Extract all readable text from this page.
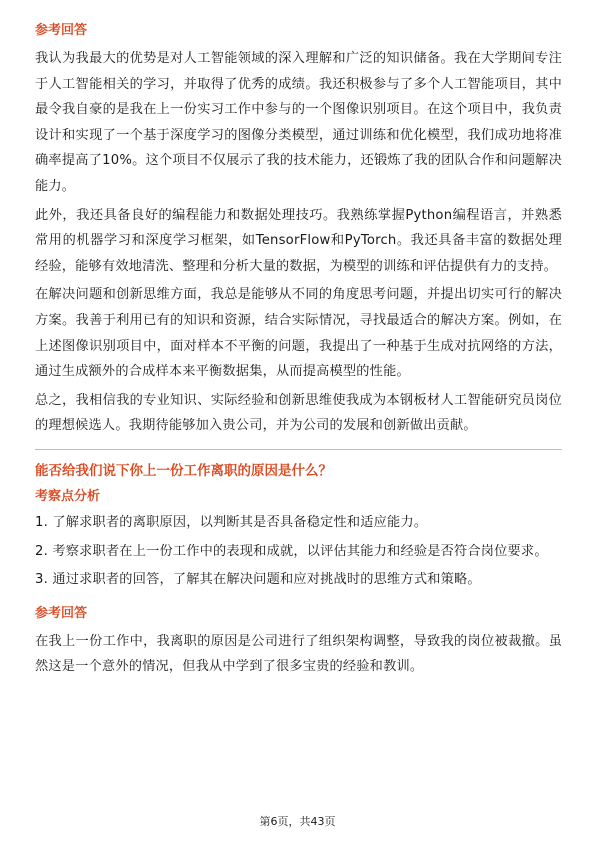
参考回答

我认为我最大的优势是对人工智能领域的深入理解和广泛的知识储备。我在大学期间专注于人工智能相关的学习，并取得了优秀的成绩。我还积极参与了多个人工智能项目，其中最令我自豪的是我在上一份实习工作中参与的一个图像识别项目。在这个项目中，我负责设计和实现了一个基于深度学习的图像分类模型，通过训练和优化模型，我们成功地将准确率提高了10%。这个项目不仅展示了我的技术能力，还锻炼了我的团队合作和问题解决能力。

此外，我还具备良好的编程能力和数据处理技巧。我熟练掌握Python编程语言，并熟悉常用的机器学习和深度学习框架，如TensorFlow和PyTorch。我还具备丰富的数据处理经验，能够有效地清洗、整理和分析大量的数据，为模型的训练和评估提供有力的支持。

在解决问题和创新思维方面，我总是能够从不同的角度思考问题，并提出切实可行的解决方案。我善于利用已有的知识和资源，结合实际情况，寻找最适合的解决方案。例如，在上述图像识别项目中，面对样本不平衡的问题，我提出了一种基于生成对抗网络的方法，通过生成额外的合成样本来平衡数据集，从而提高模型的性能。

总之，我相信我的专业知识、实际经验和创新思维使我成为本钢板材人工智能研究员岗位的理想候选人。我期待能够加入贵公司，并为公司的发展和创新做出贡献。

能否给我们说下你上一份工作离职的原因是什么？
考察点分析

1. 了解求职者的离职原因，以判断其是否具备稳定性和适应能力。

2. 考察求职者在上一份工作中的表现和成就，以评估其能力和经验是否符合岗位要求。

3. 通过求职者的回答，了解其在解决问题和应对挑战时的思维方式和策略。

参考回答

在我上一份工作中，我离职的原因是公司进行了组织架构调整，导致我的岗位被裁撤。虽然这是一个意外的情况，但我从中学到了很多宝贵的经验和教训。

第6页，共43页
